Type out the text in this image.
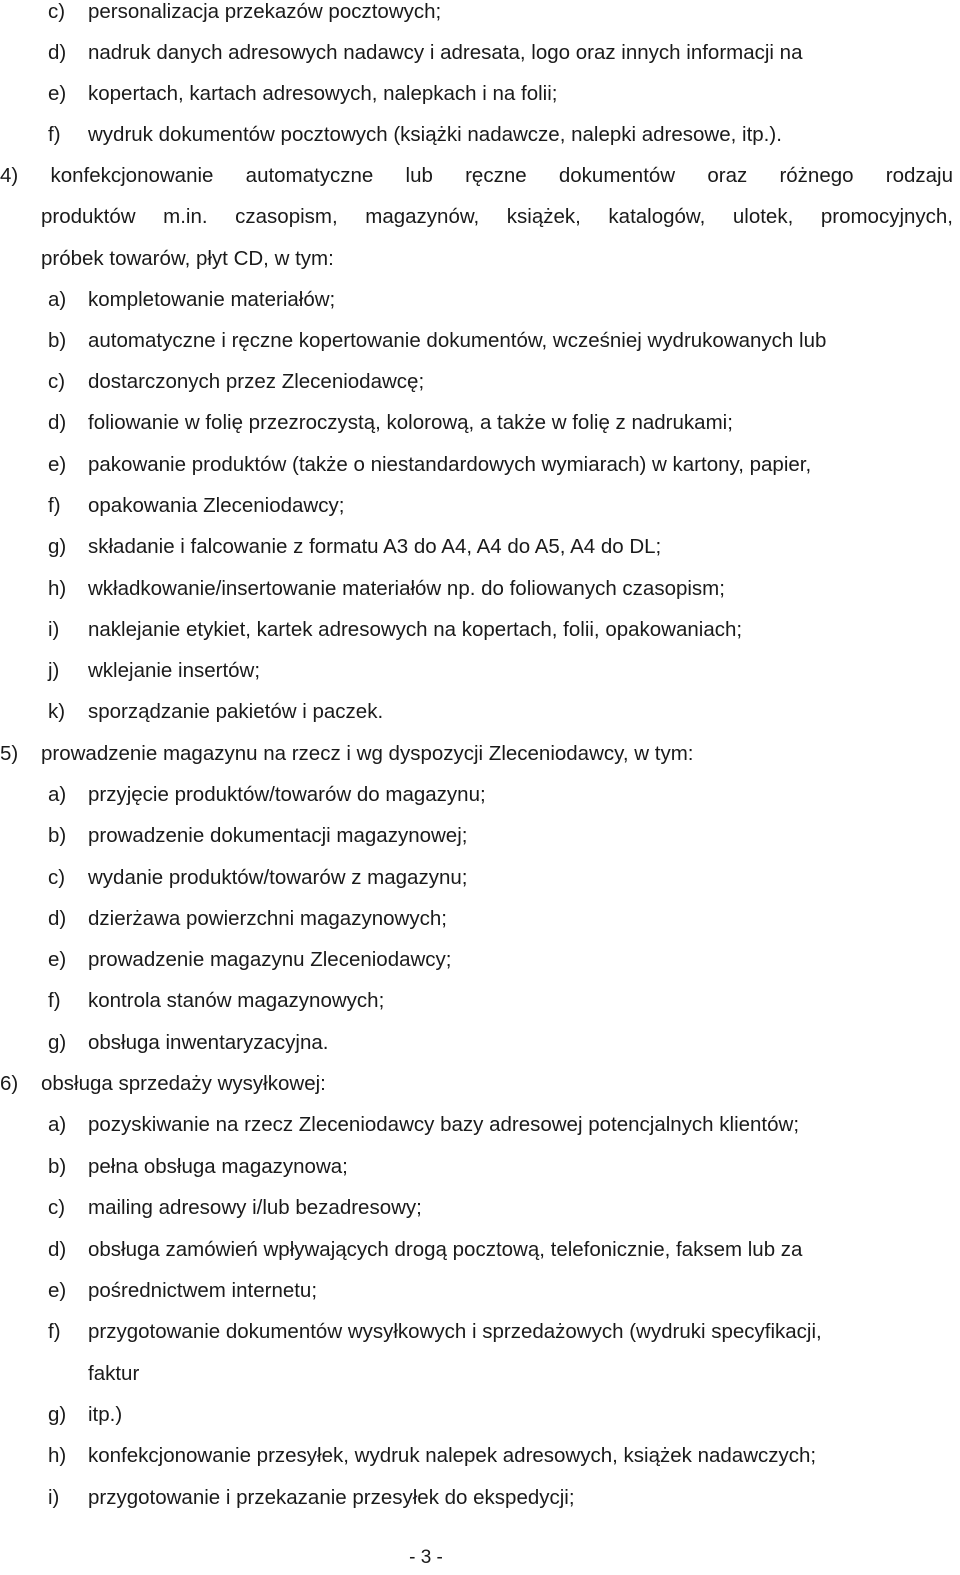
c) personalizacja przekazów pocztowych;
d) nadruk danych adresowych nadawcy i adresata, logo oraz innych informacji na
e) kopertach, kartach adresowych, nalepkach i na folii;
f) wydruk dokumentów pocztowych (książki nadawcze, nalepki adresowe, itp.).
4) konfekcjonowanie automatyczne lub ręczne dokumentów oraz różnego rodzaju
produktów m.in. czasopism, magazynów, książek, katalogów, ulotek, promocyjnych,
próbek towarów, płyt CD, w tym:
a) kompletowanie materiałów;
b) automatyczne i ręczne kopertowanie dokumentów, wcześniej wydrukowanych lub
c) dostarczonych przez Zleceniodawcę;
d) foliowanie w folię przezroczystą, kolorową, a także w folię z nadrukami;
e) pakowanie produktów (także o niestandardowych wymiarach) w kartony, papier,
f) opakowania Zleceniodawcy;
g) składanie i falcowanie z formatu A3 do A4, A4 do A5, A4 do DL;
h) wkładkowanie/insertowanie materiałów np. do foliowanych czasopism;
i) naklejanie etykiet, kartek adresowych na kopertach, folii, opakowaniach;
j) wklejanie insertów;
k) sporządzanie pakietów i paczek.
5) prowadzenie magazynu na rzecz i wg dyspozycji Zleceniodawcy, w tym:
a) przyjęcie produktów/towarów do magazynu;
b) prowadzenie dokumentacji magazynowej;
c) wydanie produktów/towarów z magazynu;
d) dzierżawa powierzchni magazynowych;
e) prowadzenie magazynu Zleceniodawcy;
f) kontrola stanów magazynowych;
g) obsługa inwentaryzacyjna.
6) obsługa sprzedaży wysyłkowej:
a) pozyskiwanie na rzecz Zleceniodawcy bazy adresowej potencjalnych klientów;
b) pełna obsługa magazynowa;
c) mailing adresowy i/lub bezadresowy;
d) obsługa zamówień wpływających drogą pocztową, telefonicznie, faksem lub za
e) pośrednictwem internetu;
f) przygotowanie dokumentów wysyłkowych i sprzedażowych (wydruki specyfikacji,
faktur
g) itp.)
h) konfekcjonowanie przesyłek, wydruk nalepek adresowych, książek nadawczych;
i) przygotowanie i przekazanie przesyłek do ekspedycji;
- 3 -
